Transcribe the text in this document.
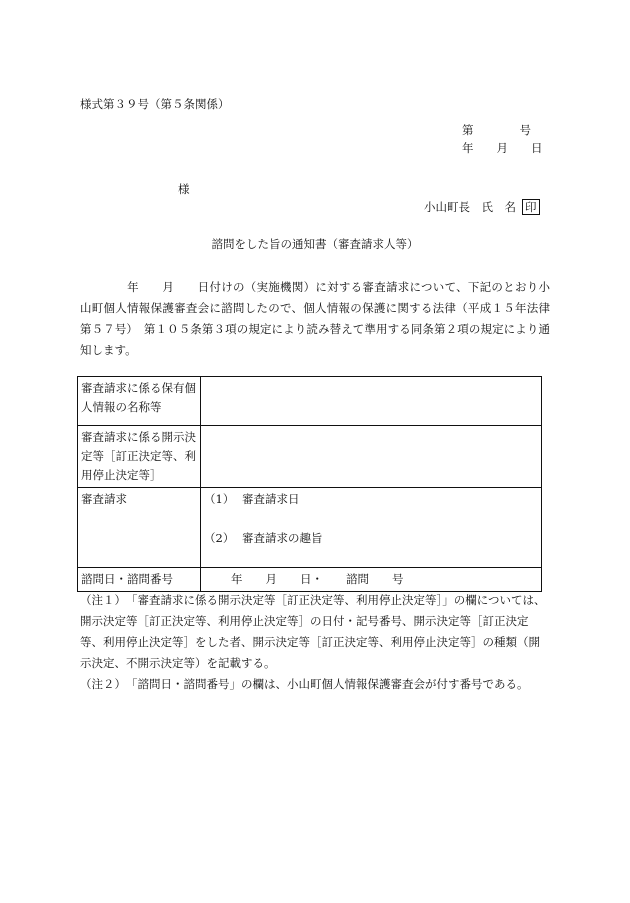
様式第３９号（第５条関係）
第　　　　号
年　　月　　日
様
小山町長　氏　名 印
諮問をした旨の通知書（審査請求人等）
　　　　年　　月　　日付けの（実施機関）に対する審査請求について、下記のとおり小山町個人情報保護審査会に諮問したので、個人情報の保護に関する法律（平成１５年法律第５７号）　第１０５条第３項の規定により読み替えて準用する同条第２項の規定により通知します。
審査請求に係る保有個人情報の名称等	
審査請求に係る開示決定等［訂正決定等、利用停止決定等］	
審査請求	（1） 審査請求日
（2） 審査請求の趣旨

諮問日・諮問番号	年　　月　　日・　　諮問　　号
（注１）　「審査請求に係る開示決定等［訂正決定等、利用停止決定等］」の欄については、開示決定等［訂正決定等、利用停止決定等］の日付・記号番号、開示決定等［訂正決定等、利用停止決定等］をした者、開示決定等［訂正決定等、利用停止決定等］の種類（開示決定、不開示決定等）を記載する。
（注２）　「諮問日・諮問番号」の欄は、小山町個人情報保護審査会が付す番号である。
